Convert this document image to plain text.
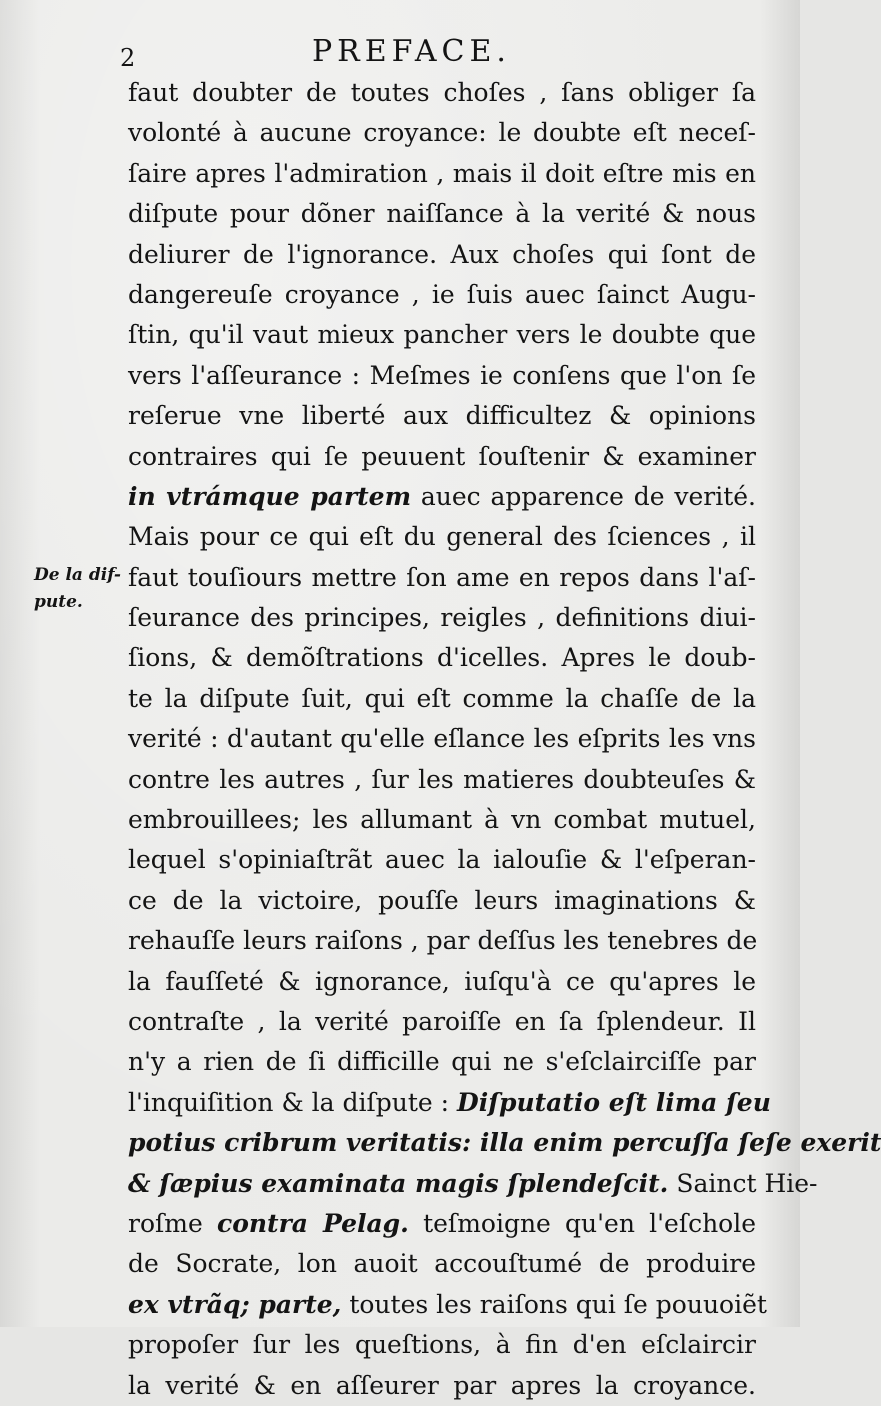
2	PREFACE.
De la dif-
pute.
faut doubter de toutes choſes , ſans obliger ſa
volonté à aucune croyance: le doubte eſt neceſ-
ſaire apres l'admiration , mais il doit eſtre mis en
diſpute pour dõner naiſſance à la verité & nous
deliurer de l'ignorance. Aux choſes qui ſont de
dangereuſe croyance , ie ſuis auec ſainct Augu-
ſtin, qu'il vaut mieux pancher vers le doubte que
vers l'aſſeurance : Meſmes ie conſens que l'on ſe
reſerue vne liberté aux difficultez & opinions
contraires qui ſe peuuent ſouſtenir & examiner
in vtrámque partem auec apparence de verité.
Mais pour ce qui eſt du general des ſciences , il
faut touſiours mettre ſon ame en repos dans l'aſ-
ſeurance des principes, reigles , definitions diui-
ſions, & demõſtrations d'icelles. Apres le doub-
te la diſpute ſuit, qui eſt comme la chaſſe de la
verité : d'autant qu'elle eſlance les eſprits les vns
contre les autres , ſur les matieres doubteuſes &
embrouillees; les allumant à vn combat mutuel,
lequel s'opiniaſtrãt auec la ialouſie & l'eſperan-
ce de la victoire, pouſſe leurs imaginations &
rehauſſe leurs raiſons , par deſſus les tenebres de
la fauſſeté & ignorance, iuſqu'à ce qu'apres le
contraſte , la verité paroiſſe en ſa ſplendeur. Il
n'y a rien de ſi difficille qui ne s'eſclairciſſe par
l'inquiſition & la diſpute : Diſputatio eſt lima ſeu
potius cribrum veritatis: illa enim percuſſa ſeſe exerit
& ſæpius examinata magis ſplendeſcit. Sainct Hie-
roſme contra Pelag. teſmoigne qu'en l'eſchole
de Socrate, lon auoit accouſtumé de produire
ex vtrãq; parte, toutes les raiſons qui ſe pouuoiẽt
propoſer ſur les queſtions, à fin d'en eſclaircir
la verité & en aſſeurer par apres la croyance.
